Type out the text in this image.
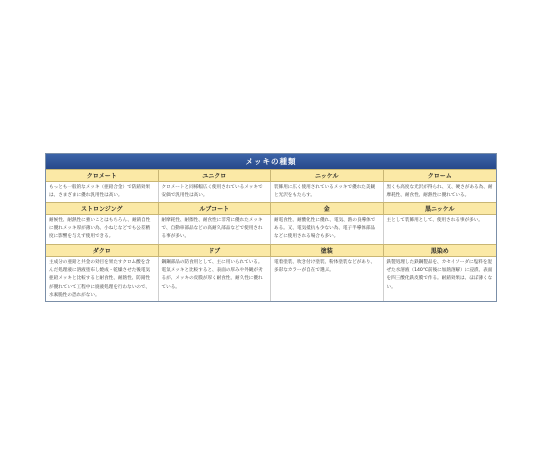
メッキの種類
クロメート	ユニクロ	ニッケル	クローム
もっとも一般的なメッキ（亜鉛合金）で防錆効果は、さまざまに優れ汎用性は高い。
クロメートと同様幅広く使用されているメッキで安価で汎用性は高い。
装飾用に広く使用されているメッキで優れた美観と光沢をもたらす。
黒くも高度な光沢が得られ、又、硬さがある為、耐摩耗性、耐食性、耐熱性に優れている。
ストロンジング	ルブコート	金	黒ニッケル
耐候性、耐熱性に強いことはもちろん、耐錆自性に優れメッキ厚が薄い為、小ねじなどでも公差精度に影響を与えず使用できる。
耐摩耗性、耐擦性、耐食性に非常に優れたメッキで、自動車部品などの高耐久部品などで使用される事が多い。
耐電食性、耐酸化性に優れ、電気、熱の良導体である。又、電気抵抗も少ない為、電子半導体部品などに使用される場合も多い。
主として装飾用として、使用される事が多い。
ダクロ	ドブ	塗装	黒染め
主成分の亜鉛と共金の効目を果たすクロム酸を含んだ処理液に溶液塗布し焼成・乾燥させた後電気亜鉛メッキと比較すると耐食性、耐熱性、防錆性が優れていて工程中に廃液処理を行わないので、水素脆性の恐れがない。
鋼鋼部品の防食用として、主に用いられている。電気メッキと比較すると、表面の厚みや外観が劣るが、メッキの皮膜が厚く耐食性、耐久性に優れている。
電着塗装、吹き付け塗装、粉体塗装などがあり、多彩なカラーが自在で選ぶ。
鉄製処理した鉄鋼製品を、カセイソーダに塩料を混ぜた水溶液（140℃前後に加熱溶解）に浸漬、表面を四三酸化鉄皮膜で作る。耐錆効果は、ほぼ薄くない。
